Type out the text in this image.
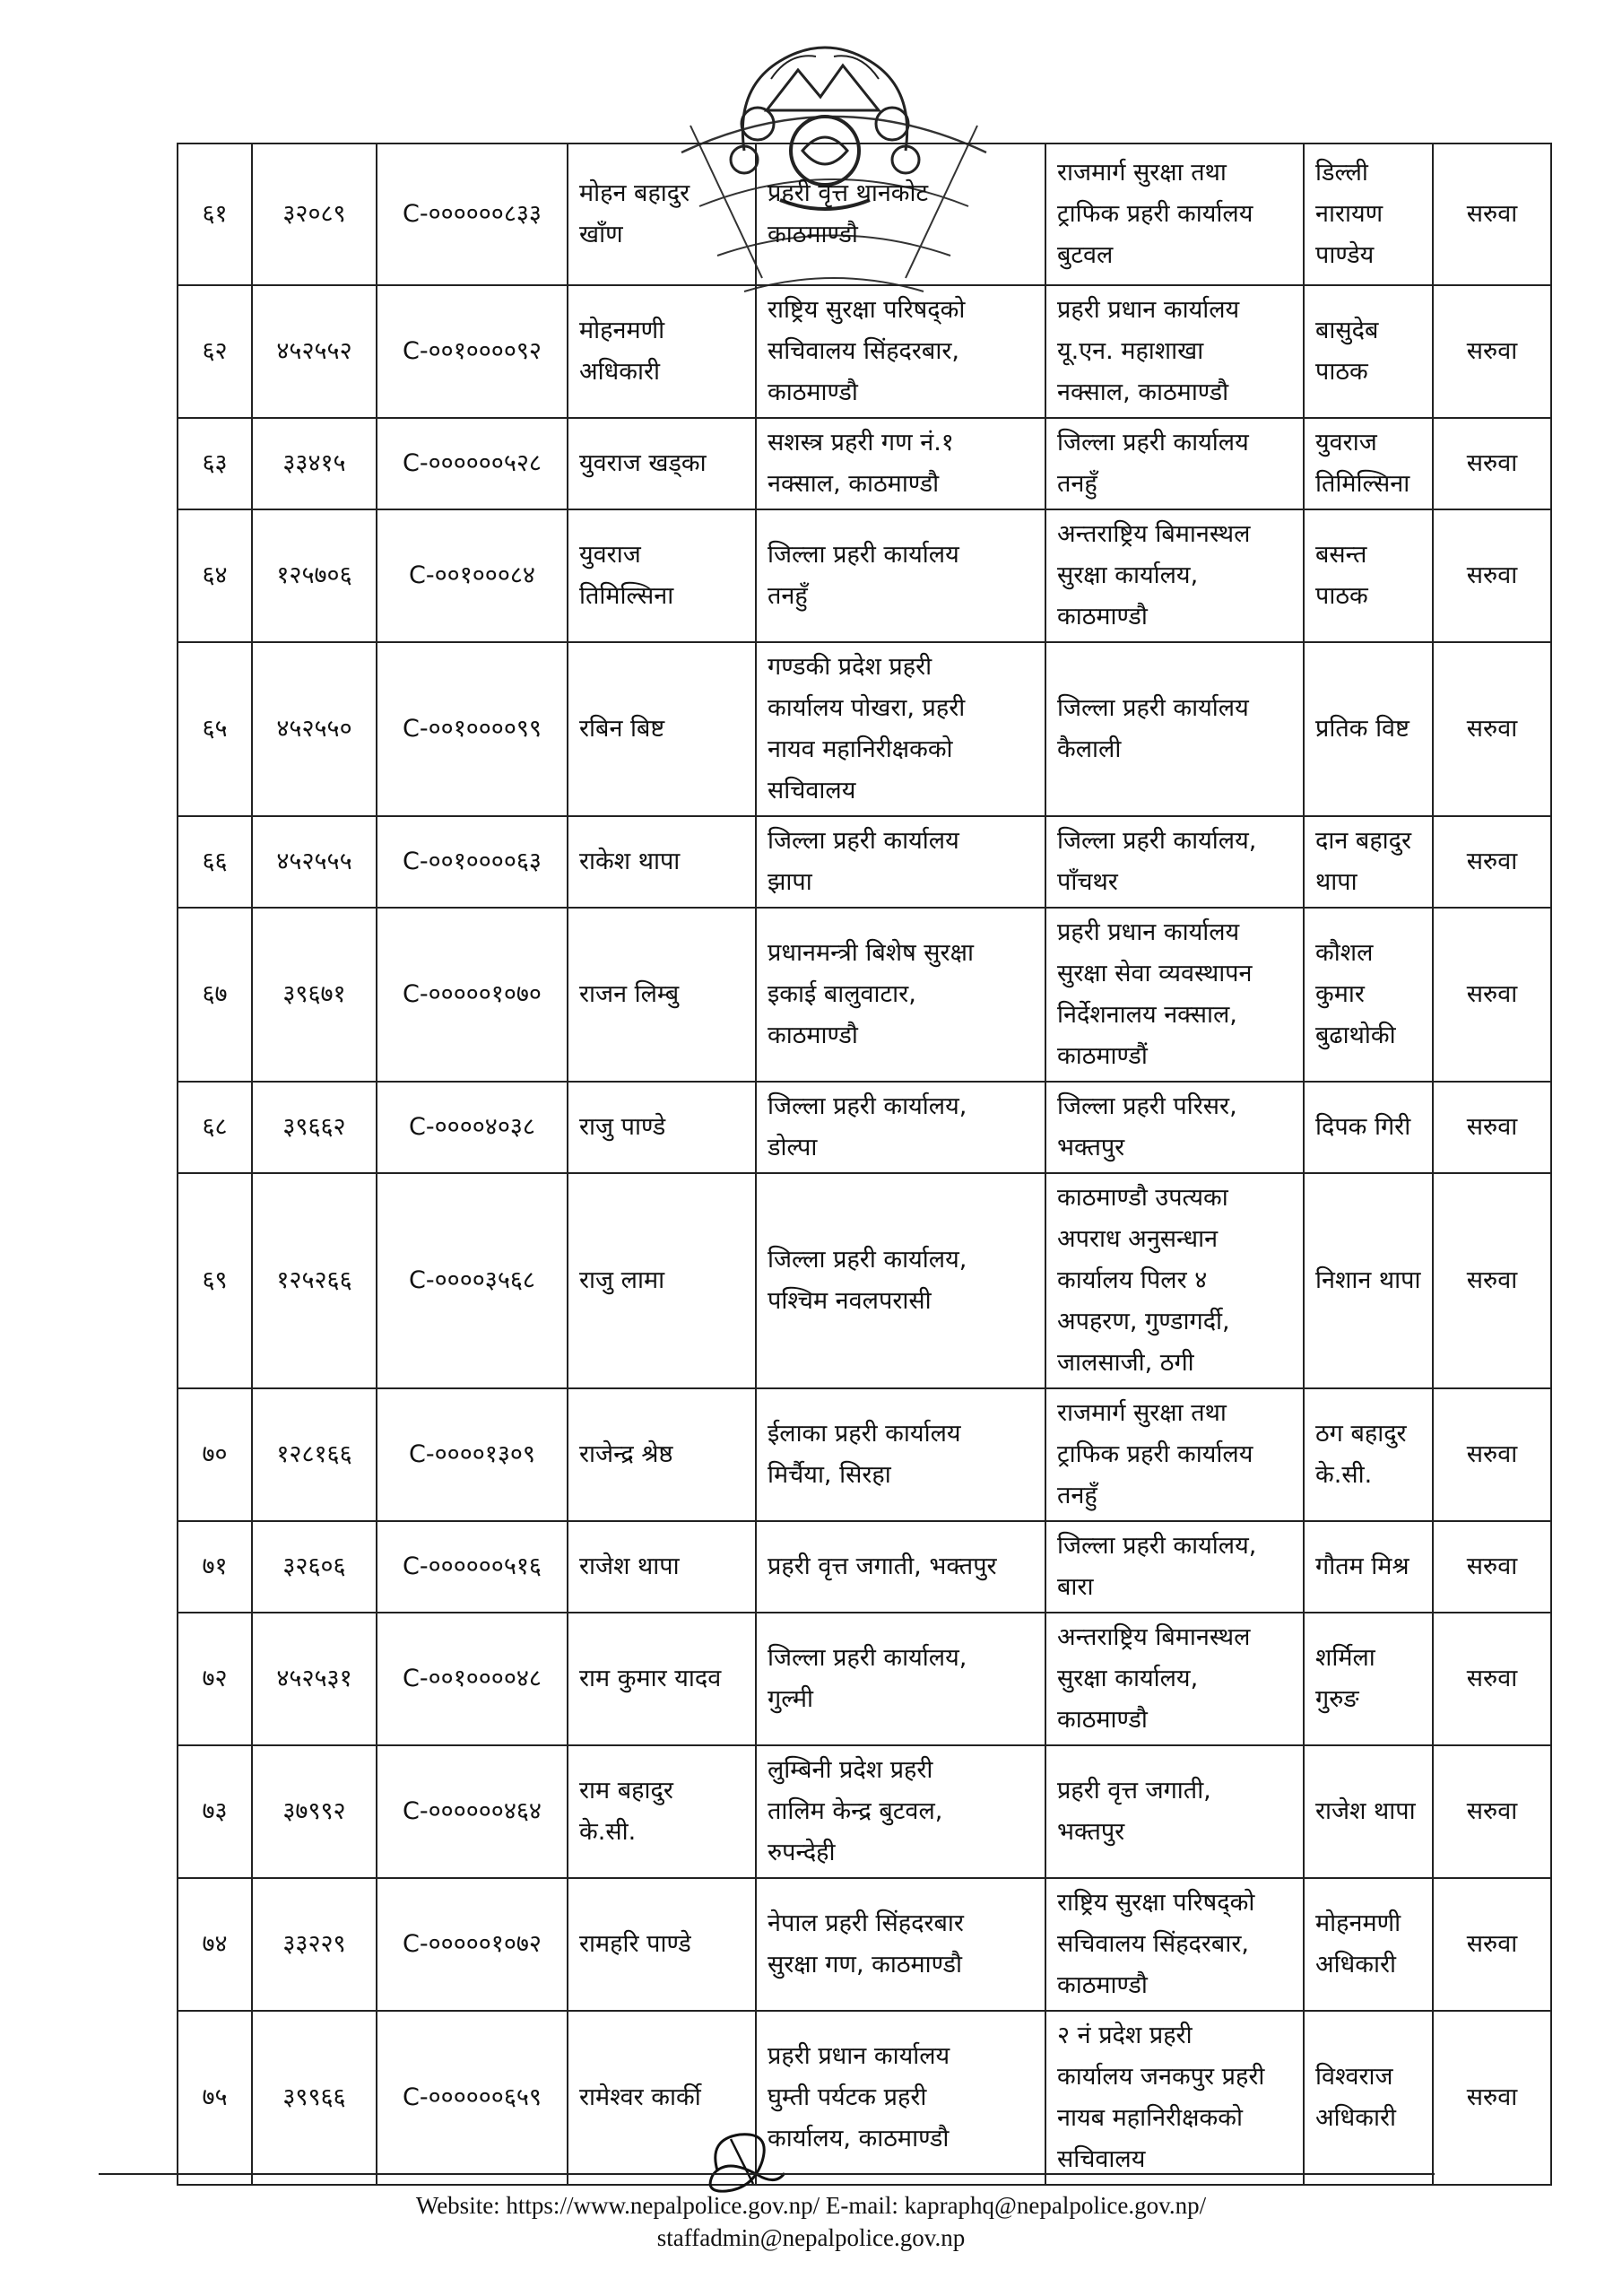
६१	३२०८९	C-००००००८३३	मोहन बहादुर
खाँण	प्रहरी वृत्त थानकोट
काठमाण्डौ	राजमार्ग सुरक्षा तथा
ट्राफिक प्रहरी कार्यालय
बुटवल	डिल्ली
नारायण
पाण्डेय	सरुवा
६२	४५२५५२	C-००१००००९२	मोहनमणी
अधिकारी	राष्ट्रिय सुरक्षा परिषद्को
सचिवालय सिंहदरबार,
काठमाण्डौ	प्रहरी प्रधान कार्यालय
यू.एन. महाशाखा
नक्साल, काठमाण्डौ	बासुदेब
पाठक	सरुवा
६३	३३४१५	C-००००००५२८	युवराज खड्का	सशस्त्र प्रहरी गण नं.१
नक्साल, काठमाण्डौ	जिल्ला प्रहरी कार्यालय
तनहुँ	युवराज
तिमिल्सिना	सरुवा
६४	१२५७०६	C-००१०००८४	युवराज
तिमिल्सिना	जिल्ला प्रहरी कार्यालय
तनहुँ	अन्तराष्ट्रिय बिमानस्थल
सुरक्षा कार्यालय,
काठमाण्डौ	बसन्त पाठक	सरुवा
६५	४५२५५०	C-००१००००९९	रबिन बिष्ट	गण्डकी प्रदेश प्रहरी
कार्यालय पोखरा, प्रहरी
नायव महानिरीक्षकको
सचिवालय	जिल्ला प्रहरी कार्यालय
कैलाली	प्रतिक विष्ट	सरुवा
६६	४५२५५५	C-००१००००६३	राकेश थापा	जिल्ला प्रहरी कार्यालय
झापा	जिल्ला प्रहरी कार्यालय,
पाँचथर	दान बहादुर
थापा	सरुवा
६७	३९६७१	C-०००००१०७०	राजन लिम्बु	प्रधानमन्त्री बिशेष सुरक्षा
इकाई बालुवाटार,
काठमाण्डौ	प्रहरी प्रधान कार्यालय
सुरक्षा सेवा व्यवस्थापन
निर्देशनालय नक्साल,
काठमाण्डौं	कौशल
कुमार
बुढाथोकी	सरुवा
६८	३९६६२	C-००००४०३८	राजु पाण्डे	जिल्ला प्रहरी कार्यालय,
डोल्पा	जिल्ला प्रहरी परिसर,
भक्तपुर	दिपक गिरी	सरुवा
६९	१२५२६६	C-००००३५६८	राजु लामा	जिल्ला प्रहरी कार्यालय,
पश्चिम नवलपरासी	काठमाण्डौ उपत्यका
अपराध अनुसन्धान
कार्यालय पिलर ४
अपहरण, गुण्डागर्दी,
जालसाजी, ठगी	निशान थापा	सरुवा
७०	१२८१६६	C-००००१३०९	राजेन्द्र श्रेष्ठ	ईलाका प्रहरी कार्यालय
मिर्चैया, सिरहा	राजमार्ग सुरक्षा तथा
ट्राफिक प्रहरी कार्यालय
तनहुँ	ठग बहादुर
के.सी.	सरुवा
७१	३२६०६	C-००००००५१६	राजेश थापा	प्रहरी वृत्त जगाती, भक्तपुर	जिल्ला प्रहरी कार्यालय,
बारा	गौतम मिश्र	सरुवा
७२	४५२५३१	C-००१००००४८	राम कुमार यादव	जिल्ला प्रहरी कार्यालय,
गुल्मी	अन्तराष्ट्रिय बिमानस्थल
सुरक्षा कार्यालय,
काठमाण्डौ	शर्मिला गुरुङ	सरुवा
७३	३७९९२	C-००००००४६४	राम बहादुर
के.सी.	लुम्बिनी प्रदेश प्रहरी
तालिम केन्द्र बुटवल,
रुपन्देही	प्रहरी वृत्त जगाती,
भक्तपुर	राजेश थापा	सरुवा
७४	३३२२९	C-०००००१०७२	रामहरि पाण्डे	नेपाल प्रहरी सिंहदरबार
सुरक्षा गण, काठमाण्डौ	राष्ट्रिय सुरक्षा परिषद्को
सचिवालय सिंहदरबार,
काठमाण्डौ	मोहनमणी
अधिकारी	सरुवा
७५	३९९६६	C-००००००६५९	रामेश्वर कार्की	प्रहरी प्रधान कार्यालय
घुम्ती पर्यटक प्रहरी
कार्यालय, काठमाण्डौ	२ नं प्रदेश प्रहरी
कार्यालय जनकपुर प्रहरी
नायब महानिरीक्षकको
सचिवालय	विश्वराज
अधिकारी	सरुवा
Website: https://www.nepalpolice.gov.np/ E-mail: kapraphq@nepalpolice.gov.np/
staffadmin@nepalpolice.gov.np
